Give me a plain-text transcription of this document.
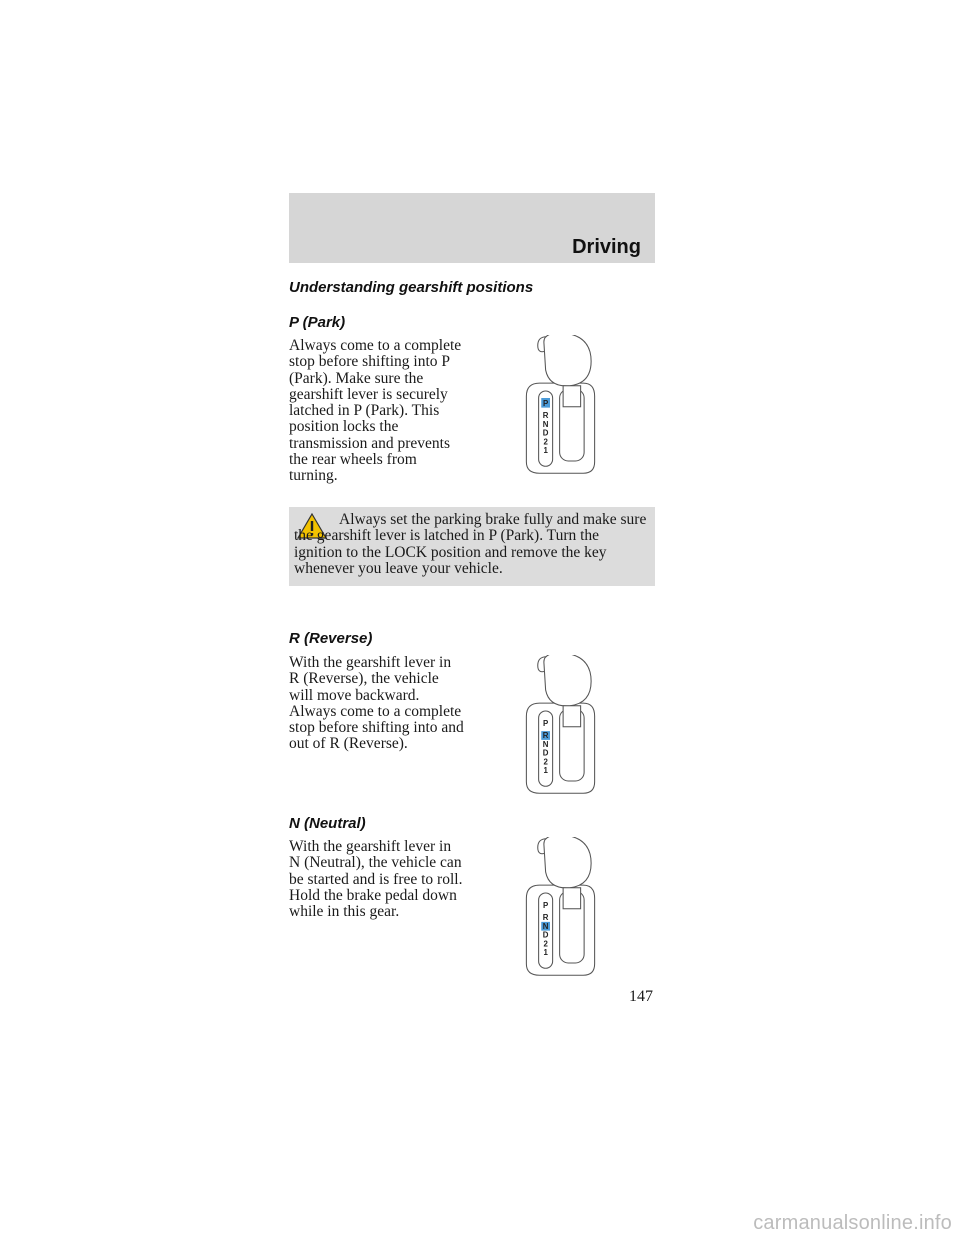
Driving
Understanding gearshift positions
P (Park)
Always come to a complete stop before shifting into P (Park). Make sure the gearshift lever is securely latched in P (Park). This position locks the transmission and prevents the rear wheels from turning.
P
R
N
D
2
1
Always set the parking brake fully and make sure the gearshift lever is latched in P (Park). Turn the ignition to the LOCK position and remove the key whenever you leave your vehicle.
R (Reverse)
With the gearshift lever in R (Reverse), the vehicle will move backward. Always come to a complete stop before shifting into and out of R (Reverse).
P
R
N
D
2
1
N (Neutral)
With the gearshift lever in N (Neutral), the vehicle can be started and is free to roll. Hold the brake pedal down while in this gear.	P
R
N
D
2
1
147
carmanualsonline.info
